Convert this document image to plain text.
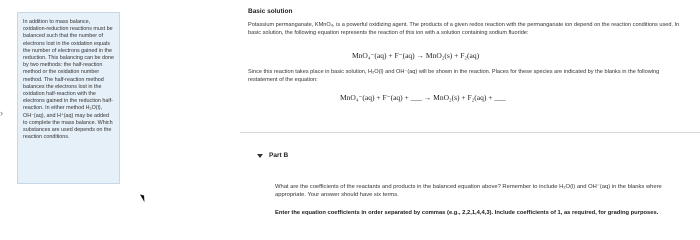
›

In addition to mass balance, oxidation-reduction reactions must be balanced such that the number of electrons lost in the oxidation equals the number of electrons gained in the reduction. This balancing can be done by two methods: the half-reaction method or the oxidation number method. The half-reaction method balances the electrons lost in the oxidation half-reaction with the electrons gained in the reduction half-reaction. In either method H₂O(l), OH⁻(aq), and H⁺(aq) may be added to complete the mass balance. Which substances are used depends on the reaction conditions.

Basic solution

Potassium permanganate, KMnO₄, is a powerful oxidizing agent. The products of a given redox reaction with the permanganate ion depend on the reaction conditions used. In basic solution, the following equation represents the reaction of this ion with a solution containing sodium fluoride:

MnO₄⁻(aq) + F⁻(aq) → MnO₂(s) + F₂(aq)

Since this reaction takes place in basic solution, H₂O(l) and OH⁻(aq) will be shown in the reaction. Places for these species are indicated by the blanks in the following restatement of the equation:

MnO₄⁻(aq) + F⁻(aq) + ___ → MnO₂(s) + F₂(aq) + ___
Part B

What are the coefficients of the reactants and products in the balanced equation above? Remember to include H₂O(l) and OH⁻(aq) in the blanks where appropriate. Your answer should have six terms.

Enter the equation coefficients in order separated by commas (e.g., 2,2,1,4,4,3). Include coefficients of 1, as required, for grading purposes.
